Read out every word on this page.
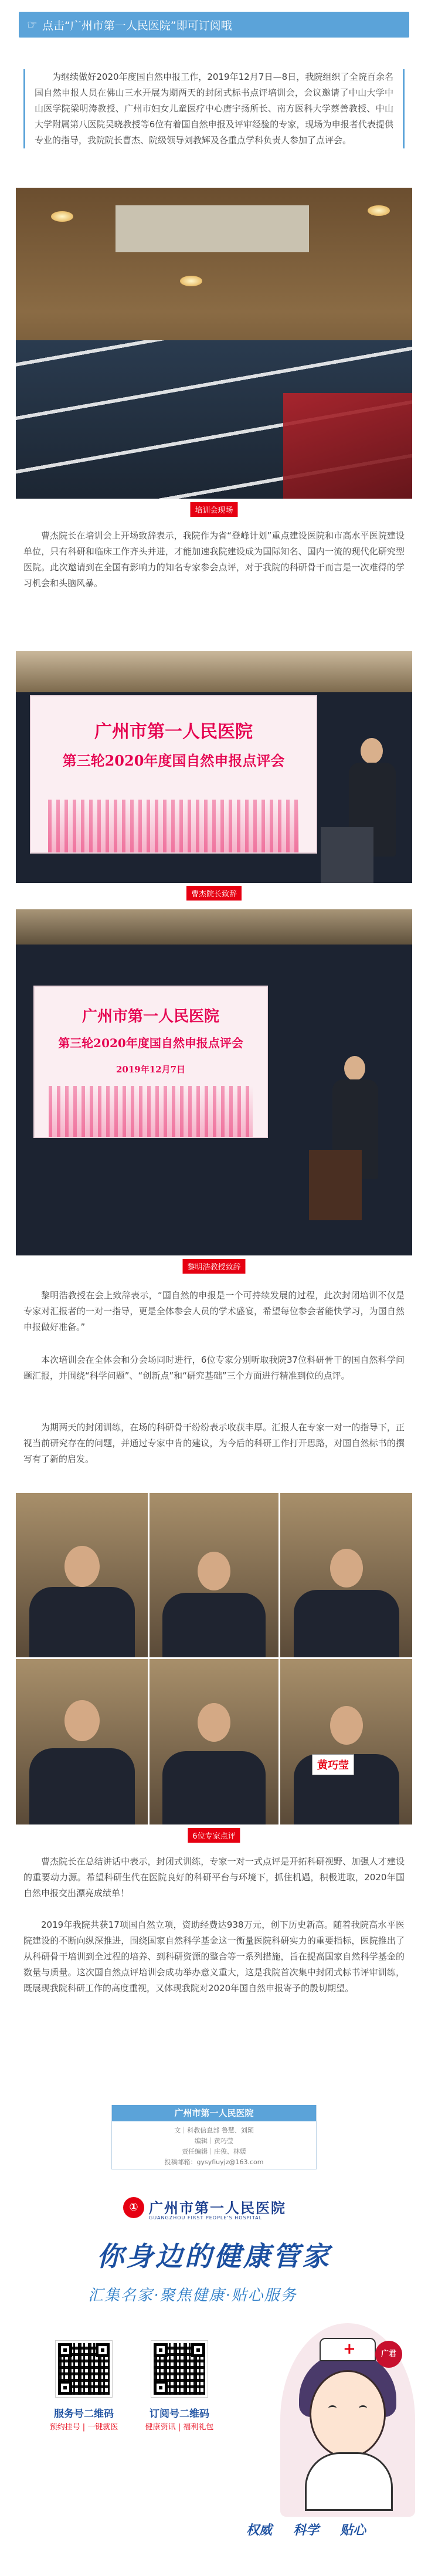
☞ 点击“广州市第一人民医院”即可订阅哦

为继续做好2020年度国自然申报工作，2019年12月7日—8日，我院组织了全院百余名国自然申报人员在佛山三水开展为期两天的封闭式标书点评培训会，会议邀请了中山大学中山医学院梁明涛教授、广州市妇女儿童医疗中心唐宇扬所长、南方医科大学蔡善教授、中山大学附属第八医院吴晓教授等6位有着国自然申报及评审经验的专家，现场为申报者代表提供专业的指导，我院院长曹杰、院级领导刘教辉及各重点学科负责人参加了点评会。

培训会现场

曹杰院长在培训会上开场致辞表示，我院作为省“登峰计划”重点建设医院和市高水平医院建设单位，只有科研和临床工作齐头并进，才能加速我院建设成为国际知名、国内一流的现代化研究型医院。此次邀请到在全国有影响力的知名专家参会点评，对于我院的科研骨干而言是一次难得的学习机会和头脑风暴。

广州市第一人民医院
第三轮2020年度国自然申报点评会
曹杰院长致辞
广州市第一人民医院
第三轮2020年度国自然申报点评会
2019年12月7日
黎明浩教授致辞

黎明浩教授在会上致辞表示，“国自然的申报是一个可持续发展的过程，此次封闭培训不仅是专家对汇报者的一对一指导，更是全体参会人员的学术盛宴，希望每位参会者能快学习，为国自然申报做好准备。”

本次培训会在全体会和分会场同时进行，6位专家分别听取我院37位科研骨干的国自然科学问题汇报，并围绕“科学问题”、“创新点”和“研究基础”三个方面进行精准到位的点评。

为期两天的封闭训练，在场的科研骨干纷纷表示收获丰厚。汇报人在专家一对一的指导下，正视当前研究存在的问题，并通过专家中肯的建议，为今后的科研工作打开思路，对国自然标书的撰写有了新的启发。

黄巧莹
6位专家点评

曹杰院长在总结讲话中表示，封闭式训练，专家一对一式点评是开拓科研视野、加强人才建设的重要动力源。希望科研生代在医院良好的科研平台与环境下，抓住机遇，积极进取，2020年国自然申报交出漂亮成绩单！

2019年我院共获17项国自然立项，资助经费达938万元，创下历史新高。随着我院高水平医院建设的不断向纵深推进，围绕国家自然科学基金这一衡量医院科研实力的重要指标，医院推出了从科研骨干培训到全过程的培养、到科研资源的整合等一系列措施，旨在提高国家自然科学基金的数量与质量。这次国自然点评培训会成功举办意义重大，这是我院首次集中封闭式标书评审训练，既展现我院科研工作的高度重视，又体现我院对2020年国自然申报寄予的殷切期望。

广州市第一人民医院
文｜科教信息部 鲁慧、刘颖
编辑｜黄巧莹
责任编辑｜庄俊、林媛
投稿邮箱：gysyfiuyjz@163.com
① 广州市第一人民医院
GUANGZHOU FIRST PEOPLE'S HOSPITAL
你身边的健康管家
汇集名家·聚焦健康·贴心服务
+
广君
服务号二维码
预约挂号 | 一键就医
订阅号二维码
健康资讯 | 福利礼包
权威 科学 贴心
